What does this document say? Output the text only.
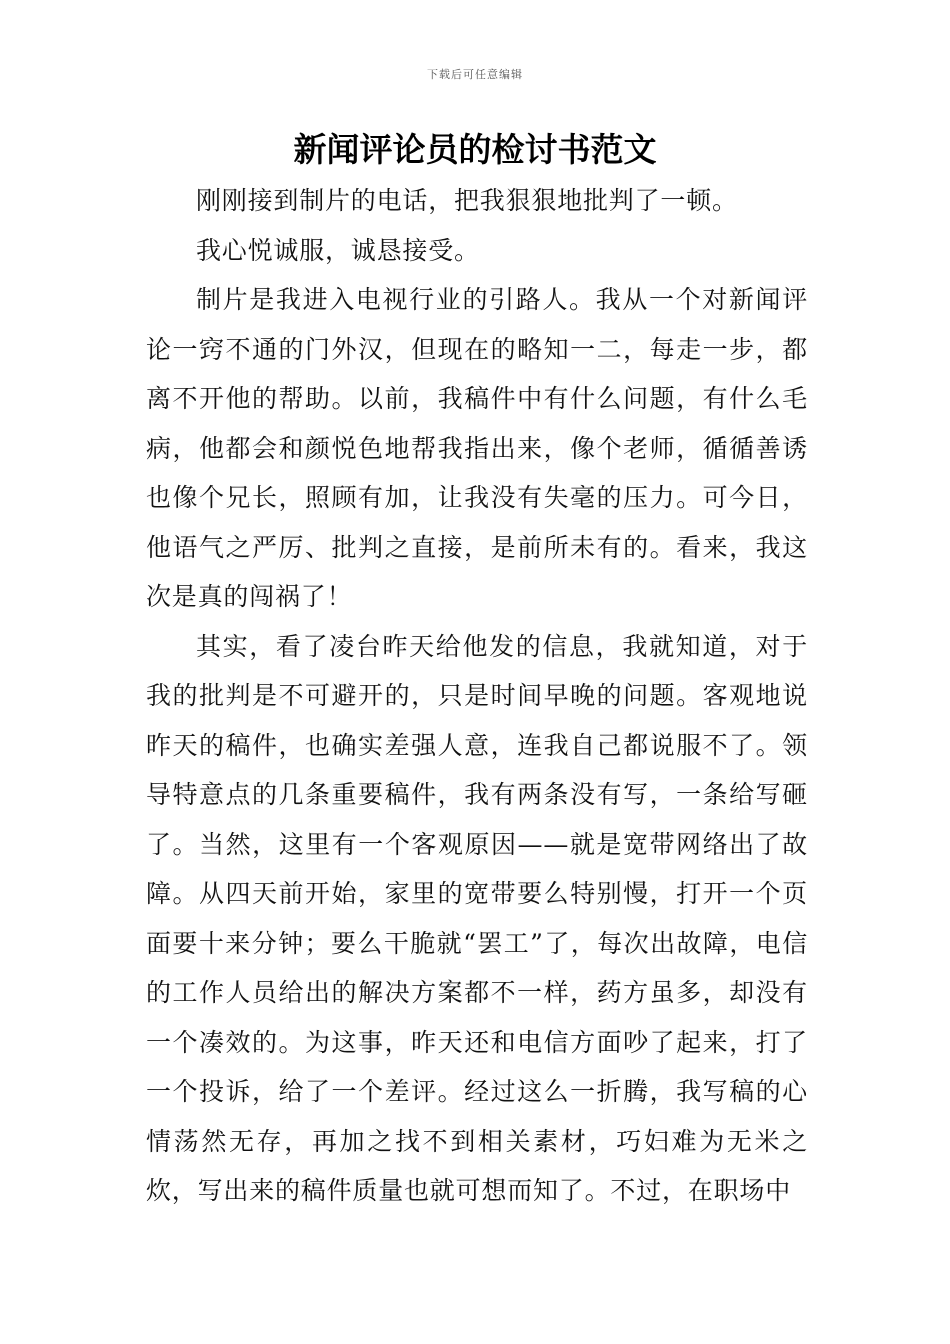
下载后可任意编辑
新闻评论员的检讨书范文

刚刚接到制片的电话，把我狠狠地批判了一顿。

我心悦诚服，诚恳接受。

制片是我进入电视行业的引路人。我从一个对新闻评论一窍不通的门外汉，但现在的略知一二，每走一步，都离不开他的帮助。以前，我稿件中有什么问题，有什么毛病，他都会和颜悦色地帮我指出来，像个老师，循循善诱也像个兄长，照顾有加，让我没有失毫的压力。可今日，他语气之严厉、批判之直接，是前所未有的。看来，我这次是真的闯祸了！

其实，看了凌台昨天给他发的信息，我就知道，对于我的批判是不可避开的，只是时间早晚的问题。客观地说昨天的稿件，也确实差强人意，连我自己都说服不了。领导特意点的几条重要稿件，我有两条没有写，一条给写砸了。当然，这里有一个客观原因——就是宽带网络出了故障。从四天前开始，家里的宽带要么特别慢，打开一个页面要十来分钟；要么干脆就“罢工”了，每次出故障，电信的工作人员给出的解决方案都不一样，药方虽多，却没有一个凑效的。为这事，昨天还和电信方面吵了起来，打了一个投诉，给了一个差评。经过这么一折腾，我写稿的心情荡然无存，再加之找不到相关素材，巧妇难为无米之炊，写出来的稿件质量也就可想而知了。不过，在职场中
